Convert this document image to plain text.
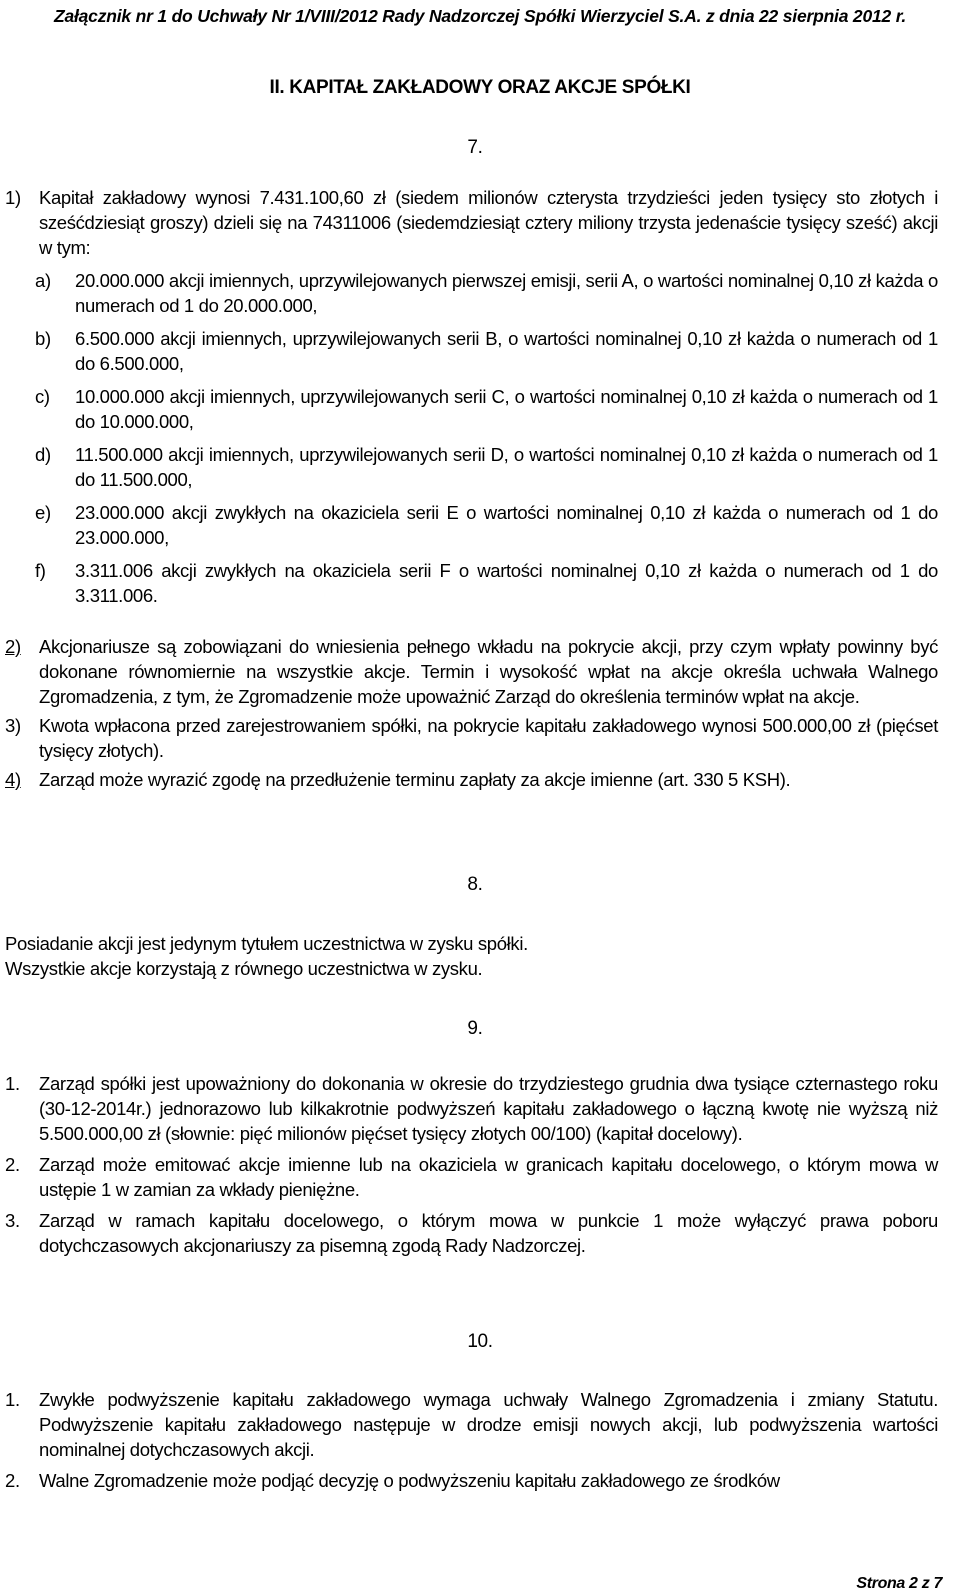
Załącznik nr 1 do Uchwały Nr 1/VIII/2012 Rady Nadzorczej Spółki Wierzyciel S.A. z dnia 22 sierpnia 2012 r.
II. KAPITAŁ ZAKŁADOWY ORAZ AKCJE SPÓŁKI
7.
1) Kapitał zakładowy wynosi 7.431.100,60 zł (siedem milionów czterysta trzydzieści jeden tysięcy sto złotych i sześćdziesiąt groszy) dzieli się na 74311006 (siedemdziesiąt cztery miliony trzysta jedenaście tysięcy sześć) akcji w tym:
a)	20.000.000 akcji imiennych, uprzywilejowanych pierwszej emisji, serii A, o wartości nominalnej 0,10 zł każda o numerach od 1 do 20.000.000,
b)	6.500.000 akcji imiennych, uprzywilejowanych serii B, o wartości nominalnej 0,10 zł każda o numerach od 1 do 6.500.000,
c)	10.000.000 akcji imiennych, uprzywilejowanych serii C, o wartości nominalnej 0,10 zł każda o numerach od 1 do 10.000.000,
d)	11.500.000 akcji imiennych, uprzywilejowanych serii D, o wartości nominalnej 0,10 zł każda o numerach od 1 do 11.500.000,
e)	23.000.000 akcji zwykłych na okaziciela serii E o wartości nominalnej 0,10 zł każda o numerach od 1 do 23.000.000,
f)	3.311.006 akcji zwykłych na okaziciela serii F o wartości nominalnej 0,10 zł każda o numerach od 1 do 3.311.006.
2) Akcjonariusze są zobowiązani do wniesienia pełnego wkładu na pokrycie akcji, przy czym wpłaty powinny być dokonane równomiernie na wszystkie akcje. Termin i wysokość wpłat na akcje określa uchwała Walnego Zgromadzenia, z tym, że Zgromadzenie może upoważnić Zarząd do określenia terminów wpłat na akcje.
3) Kwota wpłacona przed zarejestrowaniem spółki, na pokrycie kapitału zakładowego wynosi 500.000,00 zł (pięćset tysięcy złotych).
4) Zarząd może wyrazić zgodę na przedłużenie terminu zapłaty za akcje imienne (art. 330 5 KSH).
8.

Posiadanie akcji jest jedynym tytułem uczestnictwa w zysku spółki.

Wszystkie akcje korzystają z równego uczestnictwa w zysku.

9.
1.	Zarząd spółki jest upoważniony do dokonania w okresie do trzydziestego grudnia dwa tysiące czternastego roku (30-12-2014r.) jednorazowo lub kilkakrotnie podwyższeń kapitału zakładowego o łączną kwotę nie wyższą niż 5.500.000,00 zł (słownie: pięć milionów pięćset tysięcy złotych 00/100) (kapitał docelowy).
2.	Zarząd może emitować akcje imienne lub na okaziciela w granicach kapitału docelowego, o którym mowa w ustępie 1 w zamian za wkłady pieniężne.
3.	Zarząd w ramach kapitału docelowego, o którym mowa w punkcie 1 może wyłączyć prawa poboru dotychczasowych akcjonariuszy za pisemną zgodą Rady Nadzorczej.
10.
1.	Zwykłe podwyższenie kapitału zakładowego wymaga uchwały Walnego Zgromadzenia i zmiany Statutu. Podwyższenie kapitału zakładowego następuje w drodze emisji nowych akcji, lub podwyższenia wartości nominalnej dotychczasowych akcji.
2.	Walne Zgromadzenie może podjąć decyzję o podwyższeniu kapitału zakładowego ze środków
Strona 2 z 7
